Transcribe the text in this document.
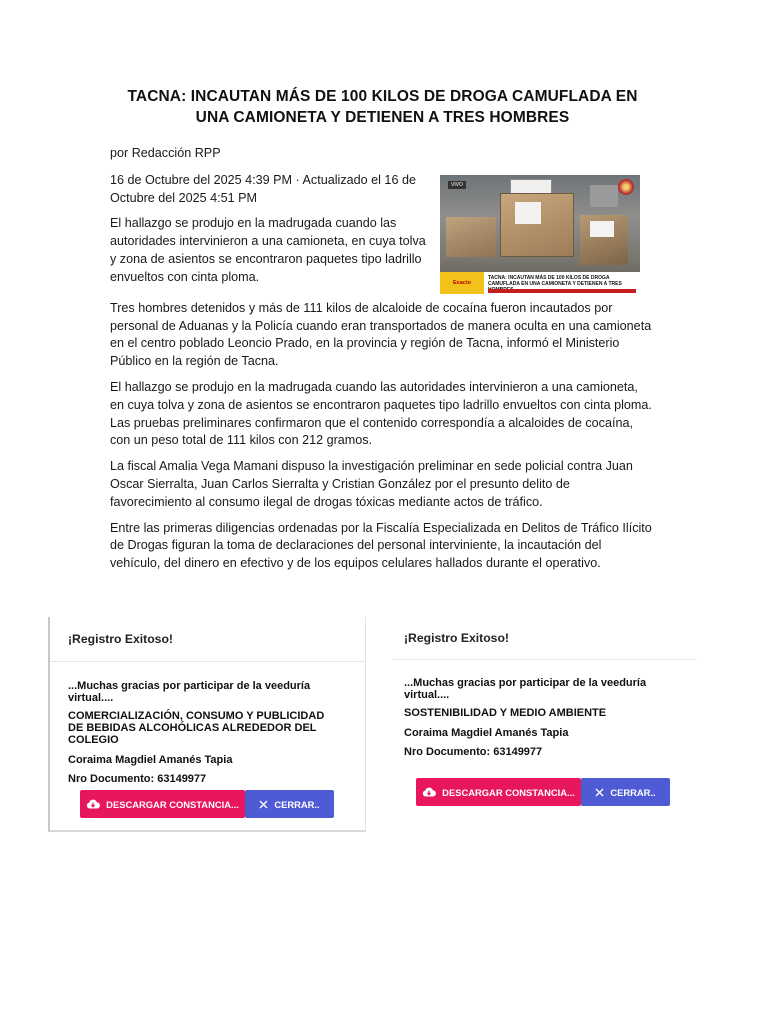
TACNA: INCAUTAN MÁS DE 100 KILOS DE DROGA CAMUFLADA EN UNA CAMIONETA Y DETIENEN A TRES HOMBRES

por Redacción RPP

VIVO
Exacto
TACNA: INCAUTAN MÁS DE 100 KILOS DE DROGA CAMUFLADA EN UNA CAMIONETA Y DETIENEN A TRES

16 de Octubre del 2025 4:39 PM · Actualizado el 16 de Octubre del 2025 4:51 PM

El hallazgo se produjo en la madrugada cuando las autoridades intervinieron a una camioneta, en cuya tolva y zona de asientos se encontraron paquetes tipo ladrillo envueltos con cinta ploma.

Tres hombres detenidos y más de 111 kilos de alcaloide de cocaína fueron incautados por personal de Aduanas y la Policía cuando eran transportados de manera oculta en una camioneta en el centro poblado Leoncio Prado, en la provincia y región de Tacna, informó el Ministerio Público en la región de Tacna.

El hallazgo se produjo en la madrugada cuando las autoridades intervinieron a una camioneta, en cuya tolva y zona de asientos se encontraron paquetes tipo ladrillo envueltos con cinta ploma. Las pruebas preliminares confirmaron que el contenido correspondía a alcaloides de cocaína, con un peso total de 111 kilos con 212 gramos.

La fiscal Amalia Vega Mamani dispuso la investigación preliminar en sede policial contra Juan Oscar Sierralta, Juan Carlos Sierralta y Cristian González por el presunto delito de favorecimiento al consumo ilegal de drogas tóxicas mediante actos de tráfico.

Entre las primeras diligencias ordenadas por la Fiscalía Especializada en Delitos de Tráfico Ilícito de Drogas figuran la toma de declaraciones del personal interviniente, la incautación del vehículo, del dinero en efectivo y de los equipos celulares hallados durante el operativo.

¡Registro Exitoso!
...Muchas gracias por participar de la veeduría virtual....
COMERCIALIZACIÓN, CONSUMO Y PUBLICIDAD DE BEBIDAS ALCOHÓLICAS ALREDEDOR DEL COLEGIO
Coraima Magdiel Amanés Tapia
Nro Documento: 63149977
DESCARGAR CONSTANCIA...	CERRAR..
¡Registro Exitoso!
...Muchas gracias por participar de la veeduría virtual....
SOSTENIBILIDAD Y MEDIO AMBIENTE
Coraima Magdiel Amanés Tapia
Nro Documento: 63149977
DESCARGAR CONSTANCIA...	CERRAR..
